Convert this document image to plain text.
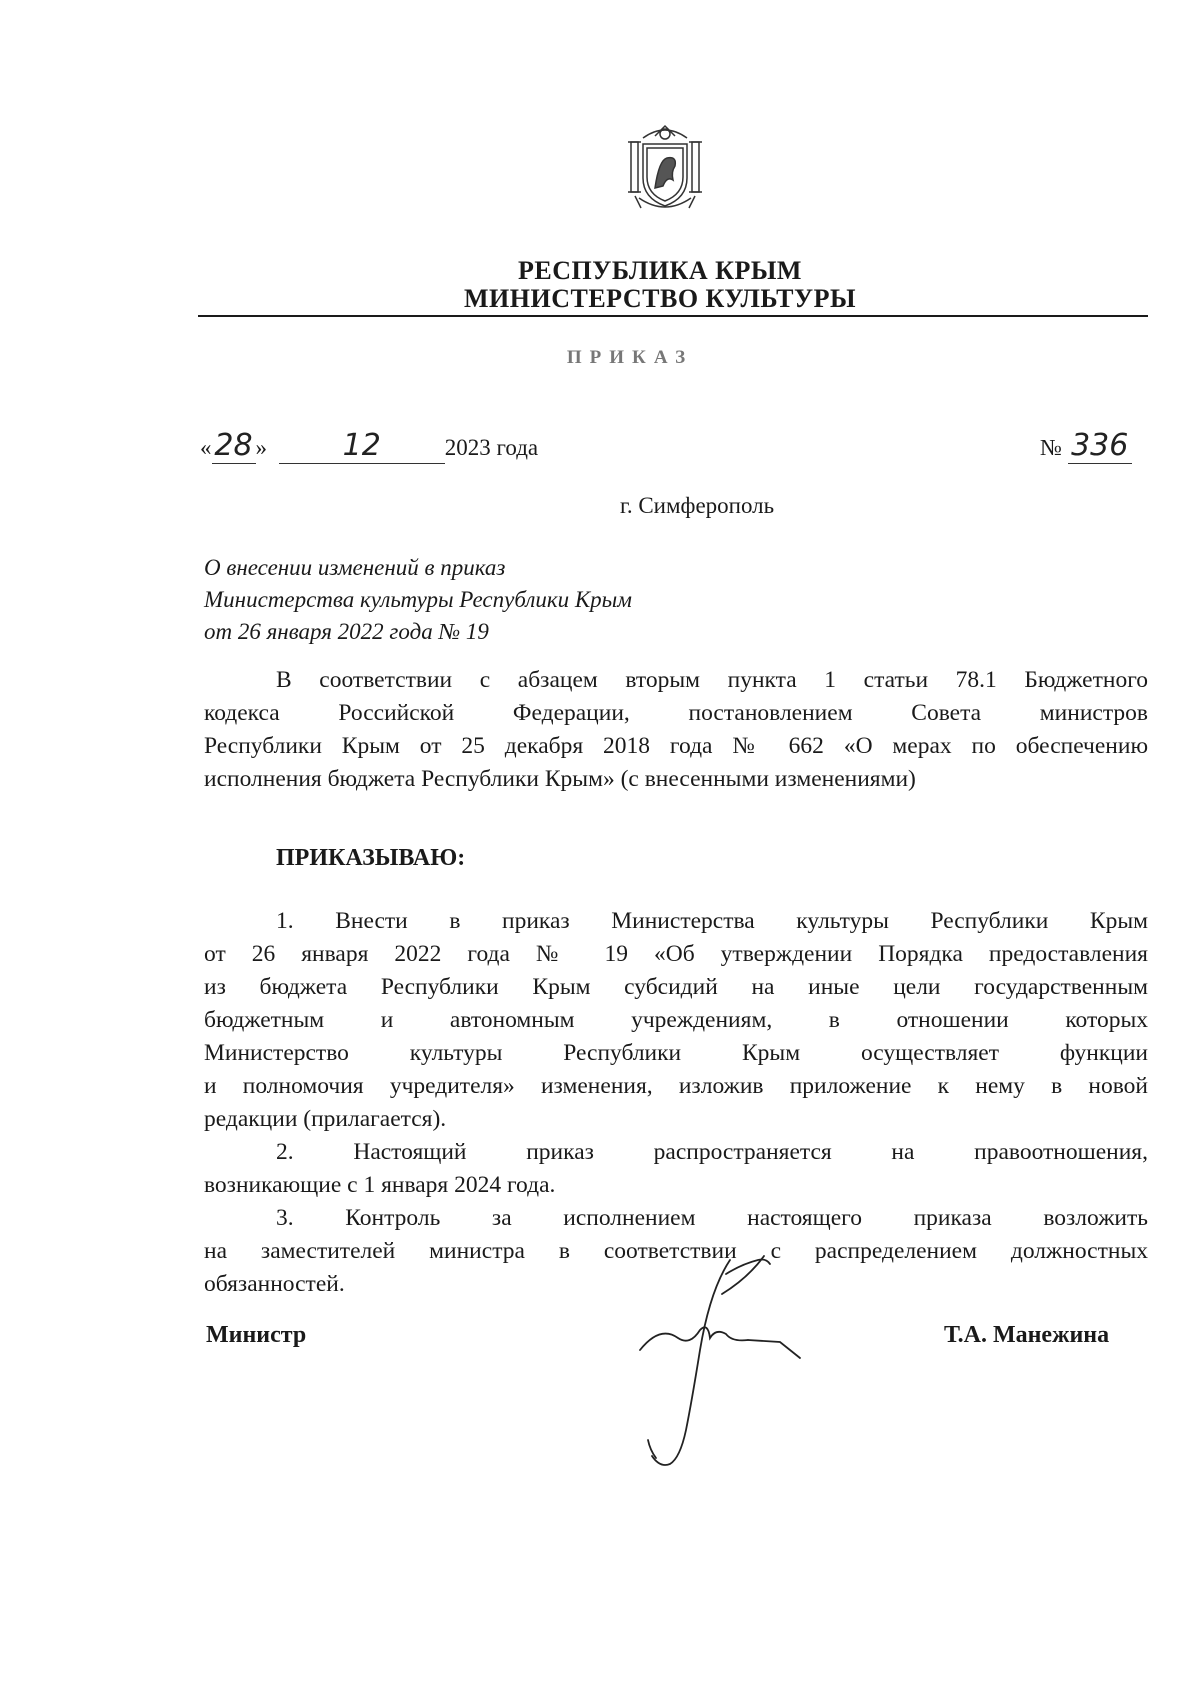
РЕСПУБЛИКА КРЫМ
МИНИСТЕРСТВО КУЛЬТУРЫ
ПРИКАЗ
«28 »	12	2023 года	№ 336
г. Симферополь
О внесении изменений в приказ
Министерства культуры Республики Крым
от 26 января 2022 года № 19
В соответствии с абзацем вторым пункта 1 статьи 78.1 Бюджетного
кодекса Российской Федерации, постановлением Совета министров
Республики Крым от 25 декабря 2018 года № 662 «О мерах по обеспечению
исполнения бюджета Республики Крым» (с внесенными изменениями)
ПРИКАЗЫВАЮ:
1. Внести в приказ Министерства культуры Республики Крым
от 26 января 2022 года № 19 «Об утверждении Порядка предоставления
из бюджета Республики Крым субсидий на иные цели государственным
бюджетным и автономным учреждениям, в отношении которых
Министерство культуры Республики Крым осуществляет функции
и полномочия учредителя» изменения, изложив приложение к нему в новой
редакции (прилагается).
2. Настоящий приказ распространяется на правоотношения,
возникающие с 1 января 2024 года.
3. Контроль за исполнением настоящего приказа возложить
на заместителей министра в соответствии с распределением должностных
обязанностей.
Министр	Т.А. Манежина
